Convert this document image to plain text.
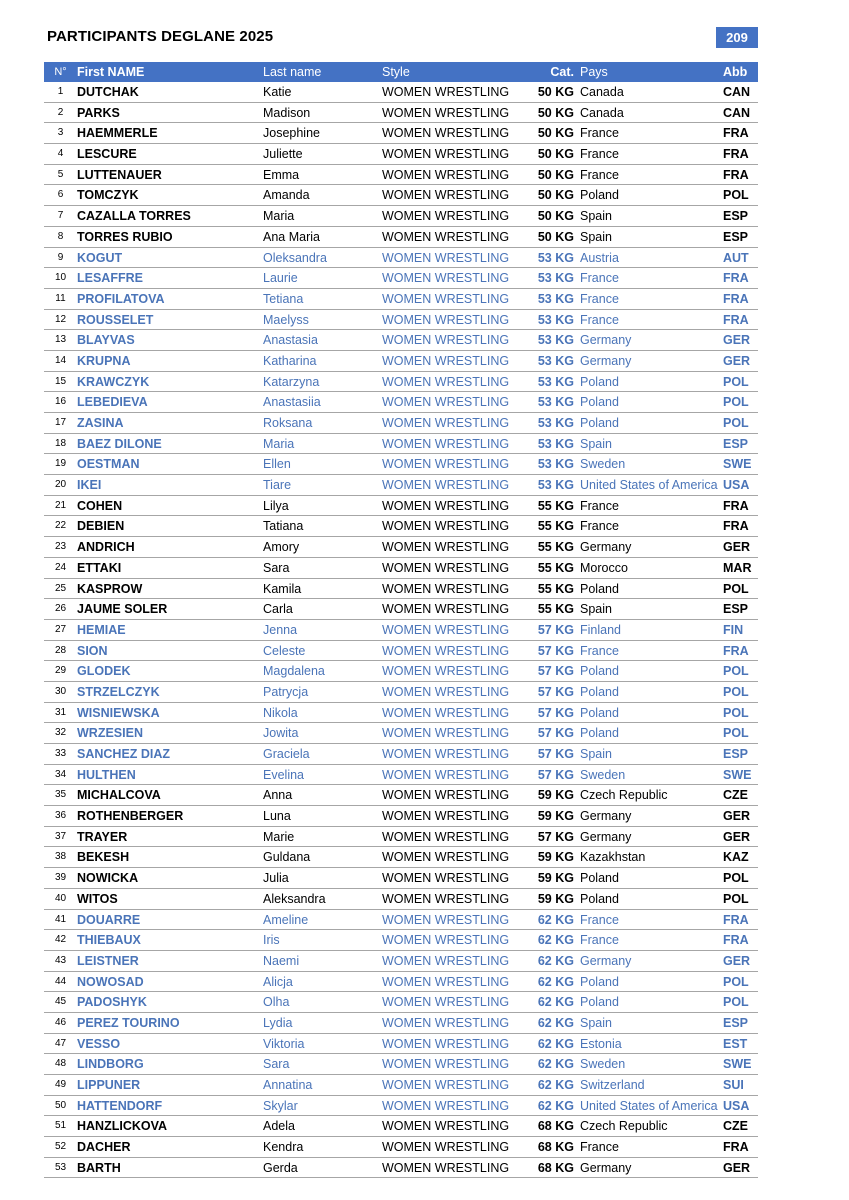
PARTICIPANTS DEGLANE 2025	209
N° First NAME	Last name	Style	Cat. Pays	Abb
1	DUTCHAK	Katie	WOMEN WRESTLING	50 KG Canada	CAN
2	PARKS	Madison	WOMEN WRESTLING	50 KG Canada	CAN
3	HAEMMERLE	Josephine	WOMEN WRESTLING	50 KG France	FRA
4	LESCURE	Juliette	WOMEN WRESTLING	50 KG France	FRA
5	LUTTENAUER	Emma	WOMEN WRESTLING	50 KG France	FRA
6	TOMCZYK	Amanda	WOMEN WRESTLING	50 KG Poland	POL
7	CAZALLA TORRES	Maria	WOMEN WRESTLING	50 KG Spain	ESP
8	TORRES RUBIO	Ana Maria	WOMEN WRESTLING	50 KG Spain	ESP
9	KOGUT	Oleksandra	WOMEN WRESTLING	53 KG Austria	AUT
10 LESAFFRE	Laurie	WOMEN WRESTLING	53 KG France	FRA
11 PROFILATOVA	Tetiana	WOMEN WRESTLING	53 KG France	FRA
12 ROUSSELET	Maelyss	WOMEN WRESTLING	53 KG France	FRA
13 BLAYVAS	Anastasia	WOMEN WRESTLING	53 KG Germany	GER
14 KRUPNA	Katharina	WOMEN WRESTLING	53 KG Germany	GER
15 KRAWCZYK	Katarzyna	WOMEN WRESTLING	53 KG Poland	POL
16 LEBEDIEVA	Anastasiia	WOMEN WRESTLING	53 KG Poland	POL
17 ZASINA	Roksana	WOMEN WRESTLING	53 KG Poland	POL
18 BAEZ DILONE	Maria	WOMEN WRESTLING	53 KG Spain	ESP
19 OESTMAN	Ellen	WOMEN WRESTLING	53 KG Sweden	SWE
20 IKEI	Tiare	WOMEN WRESTLING	53 KG United States of America USA
21 COHEN	Lilya	WOMEN WRESTLING	55 KG France	FRA
22 DEBIEN	Tatiana	WOMEN WRESTLING	55 KG France	FRA
23 ANDRICH	Amory	WOMEN WRESTLING	55 KG Germany	GER
24 ETTAKI	Sara	WOMEN WRESTLING	55 KG Morocco	MAR
25 KASPROW	Kamila	WOMEN WRESTLING	55 KG Poland	POL
26 JAUME SOLER	Carla	WOMEN WRESTLING	55 KG Spain	ESP
27 HEMIAE	Jenna	WOMEN WRESTLING	57 KG Finland	FIN
28 SION	Celeste	WOMEN WRESTLING	57 KG France	FRA
29 GLODEK	Magdalena	WOMEN WRESTLING	57 KG Poland	POL
30 STRZELCZYK	Patrycja	WOMEN WRESTLING	57 KG Poland	POL
31 WISNIEWSKA	Nikola	WOMEN WRESTLING	57 KG Poland	POL
32 WRZESIEN	Jowita	WOMEN WRESTLING	57 KG Poland	POL
33 SANCHEZ DIAZ	Graciela	WOMEN WRESTLING	57 KG Spain	ESP
34 HULTHEN	Evelina	WOMEN WRESTLING	57 KG Sweden	SWE
35 MICHALCOVA	Anna	WOMEN WRESTLING	59 KG Czech Republic	CZE
36 ROTHENBERGER	Luna	WOMEN WRESTLING	59 KG Germany	GER
37 TRAYER	Marie	WOMEN WRESTLING	57 KG Germany	GER
38 BEKESH	Guldana	WOMEN WRESTLING	59 KG Kazakhstan	KAZ
39 NOWICKA	Julia	WOMEN WRESTLING	59 KG Poland	POL
40 WITOS	Aleksandra	WOMEN WRESTLING	59 KG Poland	POL
41 DOUARRE	Ameline	WOMEN WRESTLING	62 KG France	FRA
42 THIEBAUX	Iris	WOMEN WRESTLING	62 KG France	FRA
43 LEISTNER	Naemi	WOMEN WRESTLING	62 KG Germany	GER
44 NOWOSAD	Alicja	WOMEN WRESTLING	62 KG Poland	POL
45 PADOSHYK	Olha	WOMEN WRESTLING	62 KG Poland	POL
46 PEREZ TOURINO	Lydia	WOMEN WRESTLING	62 KG Spain	ESP
47 VESSO	Viktoria	WOMEN WRESTLING	62 KG Estonia	EST
48 LINDBORG	Sara	WOMEN WRESTLING	62 KG Sweden	SWE
49 LIPPUNER	Annatina	WOMEN WRESTLING	62 KG Switzerland	SUI
50 HATTENDORF	Skylar	WOMEN WRESTLING	62 KG United States of America USA
51 HANZLICKOVA	Adela	WOMEN WRESTLING	68 KG Czech Republic	CZE
52 DACHER	Kendra	WOMEN WRESTLING	68 KG France	FRA
53 BARTH	Gerda	WOMEN WRESTLING	68 KG Germany	GER
